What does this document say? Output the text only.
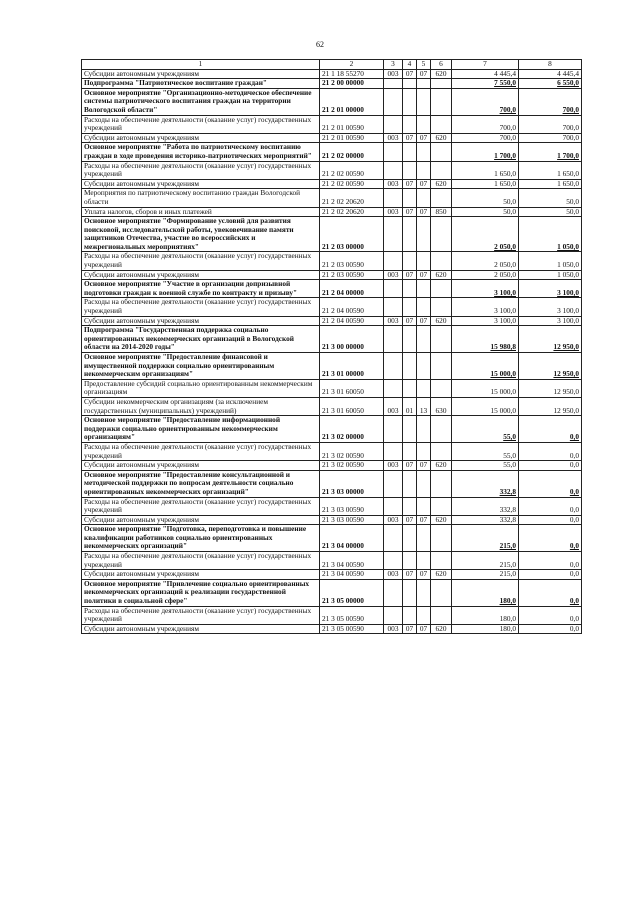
62
1	2	3	4	5	6	7	8
Субсидии автономным учреждениям	21 1 18 55270	003	07	07	620	4 445,4	4 445,4
Подпрограмма "Патриотическое воспитание граждан"	21 2 00 00000					7 550,0	6 550,0
Основное мероприятие "Организационно-методическое обеспечение системы патриотического воспитания граждан на территории Вологодской области"	21 2 01 00000					700,0	700,0
Расходы на обеспечение деятельности (оказание услуг) государственных учреждений	21 2 01 00590					700,0	700,0
Субсидии автономным учреждениям	21 2 01 00590	003	07	07	620	700,0	700,0
Основное мероприятие "Работа по патриотическому воспитанию граждан в ходе проведения историко-патриотических мероприятий"	21 2 02 00000					1 700,0	1 700,0
Расходы на обеспечение деятельности (оказание услуг) государственных учреждений	21 2 02 00590					1 650,0	1 650,0
Субсидии автономным учреждениям	21 2 02 00590	003	07	07	620	1 650,0	1 650,0
Мероприятия по патриотическому воспитанию граждан Вологодской области	21 2 02 20620					50,0	50,0
Уплата налогов, сборов и иных платежей	21 2 02 20620	003	07	07	850	50,0	50,0
Основное мероприятие "Формирование условий для развития поисковой, исследовательской работы, увековечивание памяти защитников Отечества, участие во всероссийских и межрегиональных мероприятиях"	21 2 03 00000					2 050,0	1 050,0
Расходы на обеспечение деятельности (оказание услуг) государственных учреждений	21 2 03 00590					2 050,0	1 050,0
Субсидии автономным учреждениям	21 2 03 00590	003	07	07	620	2 050,0	1 050,0
Основное мероприятие "Участие в организации допризывной подготовки граждан к военной службе по контракту и призыву"	21 2 04 00000					3 100,0	3 100,0
Расходы на обеспечение деятельности (оказание услуг) государственных учреждений	21 2 04 00590					3 100,0	3 100,0
Субсидии автономным учреждениям	21 2 04 00590	003	07	07	620	3 100,0	3 100,0
Подпрограмма "Государственная поддержка социально ориентированных некоммерческих организаций в Вологодской области на 2014-2020 годы"	21 3 00 00000					15 980,8	12 950,0
Основное мероприятие "Предоставление финансовой и имущественной поддержки социально ориентированным некоммерческим организациям"	21 3 01 00000					15 000,0	12 950,0
Предоставление субсидий социально ориентированным некоммерческим организациям	21 3 01 60050					15 000,0	12 950,0
Субсидии некоммерческим организациям (за исключением государственных (муниципальных) учреждений)	21 3 01 60050	003	01	13	630	15 000,0	12 950,0
Основное мероприятие "Предоставление информационной поддержки социально ориентированным некоммерческим организациям"	21 3 02 00000					55,0	0,0
Расходы на обеспечение деятельности (оказание услуг) государственных учреждений	21 3 02 00590					55,0	0,0
Субсидии автономным учреждениям	21 3 02 00590	003	07	07	620	55,0	0,0
Основное мероприятие "Предоставление консультационной и методической поддержки по вопросам деятельности социально ориентированных некоммерческих организаций"	21 3 03 00000					332,8	0,0
Расходы на обеспечение деятельности (оказание услуг) государственных учреждений	21 3 03 00590					332,8	0,0
Субсидии автономным учреждениям	21 3 03 00590	003	07	07	620	332,8	0,0
Основное мероприятие "Подготовка, переподготовка и повышение квалификации работников социально ориентированных некоммерческих организаций"	21 3 04 00000					215,0	0,0
Расходы на обеспечение деятельности (оказание услуг) государственных учреждений	21 3 04 00590					215,0	0,0
Субсидии автономным учреждениям	21 3 04 00590	003	07	07	620	215,0	0,0
Основное мероприятие "Привлечение социально ориентированных некоммерческих организаций к реализации государственной политики в социальной сфере"	21 3 05 00000					180,0	0,0
Расходы на обеспечение деятельности (оказание услуг) государственных учреждений	21 3 05 00590					180,0	0,0
Субсидии автономным учреждениям	21 3 05 00590	003	07	07	620	180,0	0,0
